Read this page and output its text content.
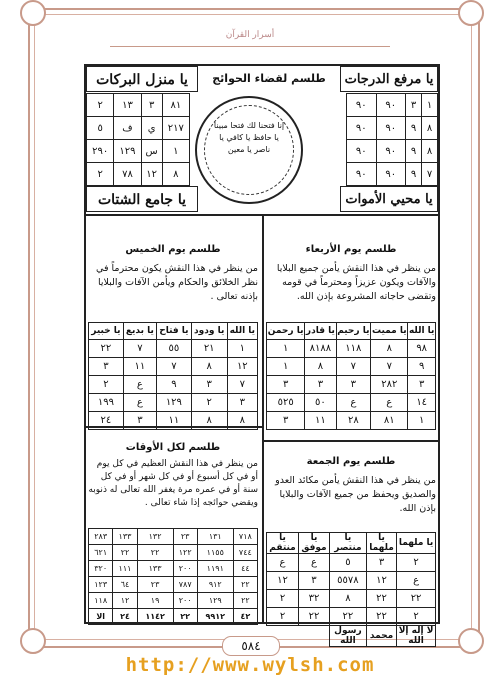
أسرار القرآن
يا منزل البركات	يا مرفع الدرجات
طلسم لقضاء الحوائج
٨١	٣	١٣	٢
٢١٧	ي	ف	٥
١	س	١٢٩	٢٩٠
٨	١٢	٧٨	٢
١	٣	٩٠	٩٠
٨	٩	٩٠	٩٠
٨	٩	٩٠	٩٠
٧	٩	٩٠	٩٠
إنا فتحنا لك فتحا مبينا يا حافظ يا كافي يا ناصر يا معين
يا جامع الشتات	يا محيي الأموات
طلسم يوم الأربعاء
من ينظر في هذا النقش يأمن جميع البلايا والآفات ويكون عزيزاً ومحترماً في قومه وتقضى حاجاته المشروعة بإذن الله.
يا الله	يا مميت	يا رحيم	يا قادر	يا رحمن
٩٨	٨	١١٨	٨١٨٨	١
٩	٧	٧	٨	١
٣	٢٨٢	٣	٣	٣
١٤	ع	ع	٥٠	٥٢٥
١	٨١	٢٨	١١	٣
طلسم يوم الخميس
من ينظر في هذا النقش يكون محترماً في نظر الخلائق والحكام ويأمن الآفات والبلايا بإذنه تعالى .
يا الله	يا ودود	يا فتاح	يا بديع	يا خبير
١	٢١	٥٥	٧	٢٢
١٢	٨	٧	١١	٣
٧	٣	٩	ع	٢
٣	٢	١٢٩	ع	١٩٩
٨	٨	١١	٣	٢٤
طلسم لكل الأوقات
من ينظر في هذا النقش العظيم في كل يوم أو في كل أسبوع أو في كل شهر أو في كل سنة أو في عمره مرة يغفر الله تعالى له ذنوبه ويقضي حوائجه إذا شاء تعالى .
٧١٨	١٣١	٢٣	١٣٢	١٣٣	٢٨٣
٧٤٤	١١٥٥	١٢٢	٢٢	٢٢	٦٢١
٤٤	١١٩١	٢٠٠	١٣٣	١١١	٣٢٠
٢٢	٩١٢	٧٨٧	٢٣	٦٤	١٢٣
٢٢	١٢٩	٢٠٠	١٩	١٢	١١٨
٤٢	٩٩١٢	٢٢	١١٤٢	٢٤	الا
طلسم يوم الجمعة
من ينظر في هذا النقش يأمن مكائد العدو والصديق ويحفظ من جميع الآفات والبلايا بإذن الله.
يا ملهما	يا ملهما	يا منتصر	يا موفق	يا منتقم
٢	٣	٥	ع	ع
ع	١٢	٥٥٧٨	٣	١٢
٢٢	٢٢	٨	٣٢	٢
٢	٢٢	٢٢	٢٢	٢
لا إله إلا الله	محمد	رسول الله		
٥٨٤
http://www.wylsh.com
